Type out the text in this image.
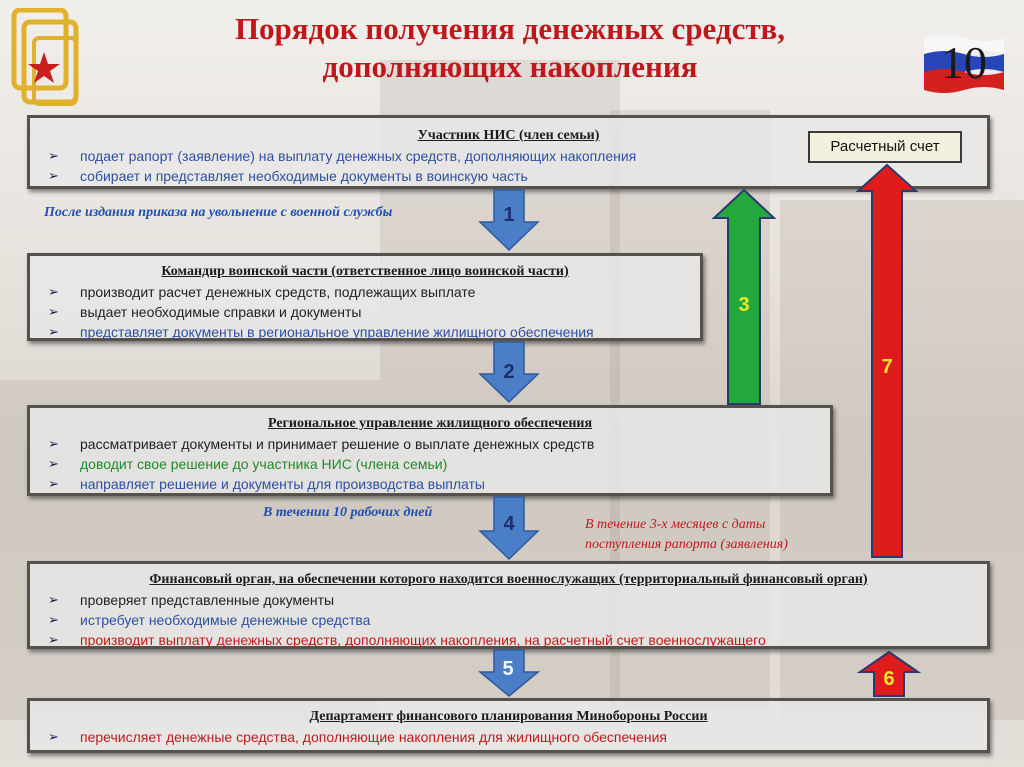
Порядок получения денежных средств,
дополняющих накопления	10
Участник НИС (член семьи)
➢ подает рапорт (заявление) на выплату денежных средств, дополняющих накопления
➢ собирает и представляет необходимые документы в воинскую часть
Расчетный счет
Командир воинской части (ответственное лицо воинской части)
➢ производит расчет денежных средств, подлежащих выплате
➢ выдает необходимые справки и документы
➢ представляет документы в региональное управление жилищного обеспечения
Региональное управление жилищного обеспечения
➢ рассматривает документы и принимает решение о выплате денежных средств
➢ доводит свое решение до участника НИС (члена семьи)
➢ направляет решение и документы для производства выплаты
Финансовый орган, на обеспечении которого находится военнослужащих (территориальный финансовый орган)
➢ проверяет представленные документы
➢ истребует необходимые денежные средства
➢ производит выплату денежных средств, дополняющих накопления, на расчетный счет военнослужащего
Департамент финансового планирования Минобороны России
➢ перечисляет денежные средства, дополняющие накопления для жилищного обеспечения
1
2
4
5
3
7
6
После издания приказа на увольнение с военной службы
В течении 10 рабочих дней
В течение 3-х месяцев с даты
поступления рапорта (заявления)
